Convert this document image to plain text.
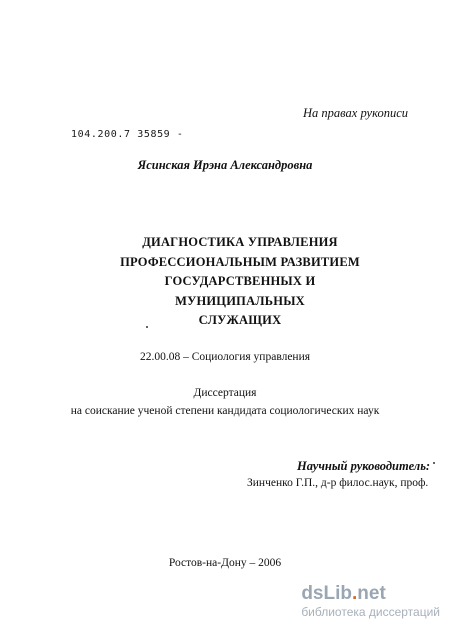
На правах рукописи
104.200.7 35859 -
Ясинская Ирэна Александровна
ДИАГНОСТИКА УПРАВЛЕНИЯ
ПРОФЕССИОНАЛЬНЫМ РАЗВИТИЕМ
ГОСУДАРСТВЕННЫХ И МУНИЦИПАЛЬНЫХ
СЛУЖАЩИХ
22.00.08 – Социология управления
Диссертация
на соискание ученой степени кандидата социологических наук
Научный руководитель:
Зинченко Г.П., д-р филос.наук, проф.
Ростов-на-Дону – 2006
ds Lib . net
библиотека диссертаций
